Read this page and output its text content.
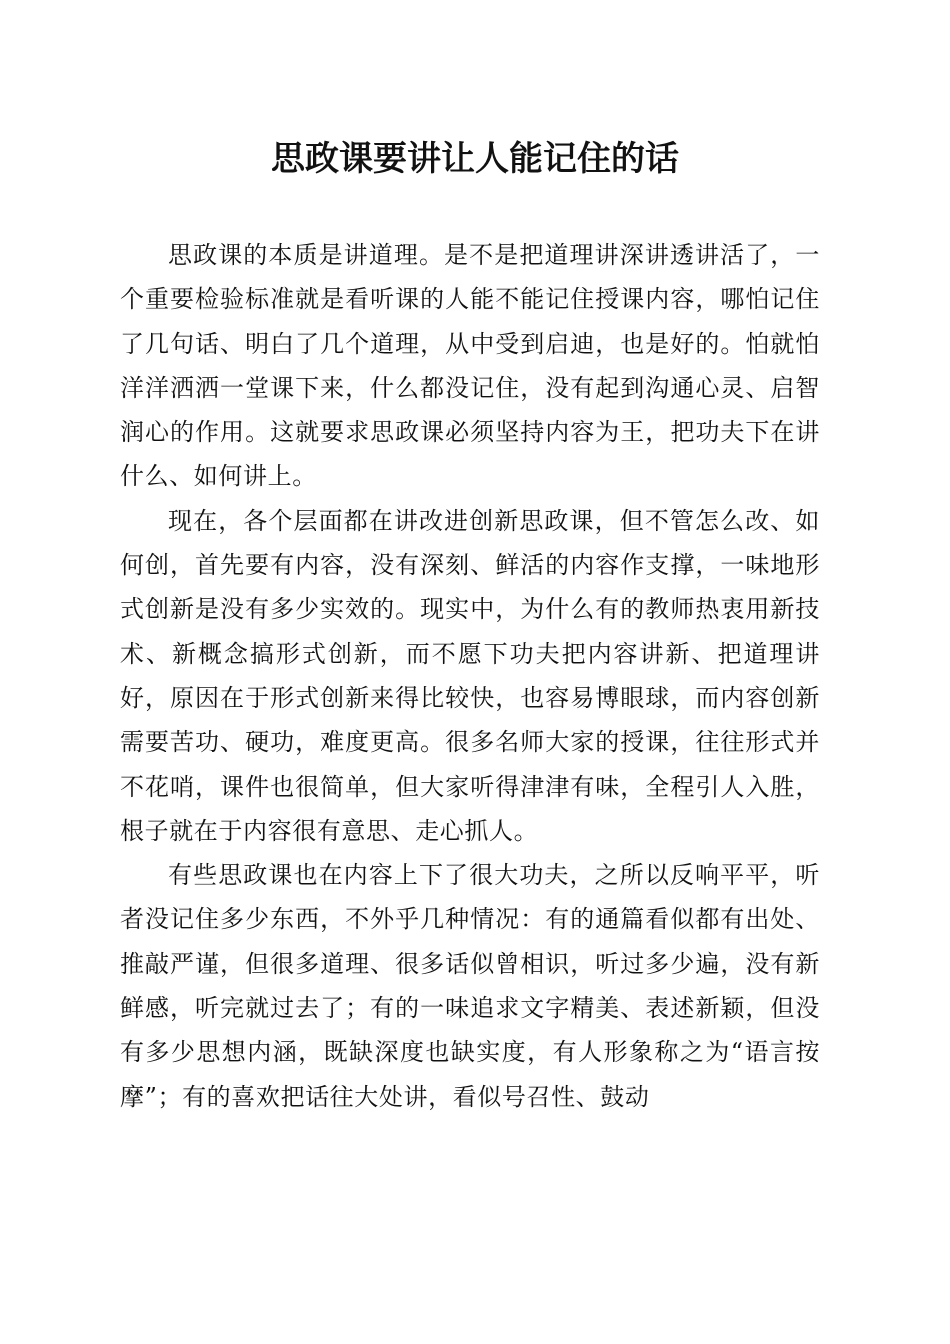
思政课要讲让人能记住的话

思政课的本质是讲道理。是不是把道理讲深讲透讲活了，一个重要检验标准就是看听课的人能不能记住授课内容，哪怕记住了几句话、明白了几个道理，从中受到启迪，也是好的。怕就怕洋洋洒洒一堂课下来，什么都没记住，没有起到沟通心灵、启智润心的作用。这就要求思政课必须坚持内容为王，把功夫下在讲什么、如何讲上。

现在，各个层面都在讲改进创新思政课，但不管怎么改、如何创，首先要有内容，没有深刻、鲜活的内容作支撑，一味地形式创新是没有多少实效的。现实中，为什么有的教师热衷用新技术、新概念搞形式创新，而不愿下功夫把内容讲新、把道理讲好，原因在于形式创新来得比较快，也容易博眼球，而内容创新需要苦功、硬功，难度更高。很多名师大家的授课，往往形式并不花哨，课件也很简单，但大家听得津津有味，全程引人入胜，根子就在于内容很有意思、走心抓人。

有些思政课也在内容上下了很大功夫，之所以反响平平，听者没记住多少东西，不外乎几种情况：有的通篇看似都有出处、推敲严谨，但很多道理、很多话似曾相识，听过多少遍，没有新鲜感，听完就过去了；有的一味追求文字精美、表述新颖，但没有多少思想内涵，既缺深度也缺实度，有人形象称之为“语言按摩”；有的喜欢把话往大处讲，看似号召性、鼓动
